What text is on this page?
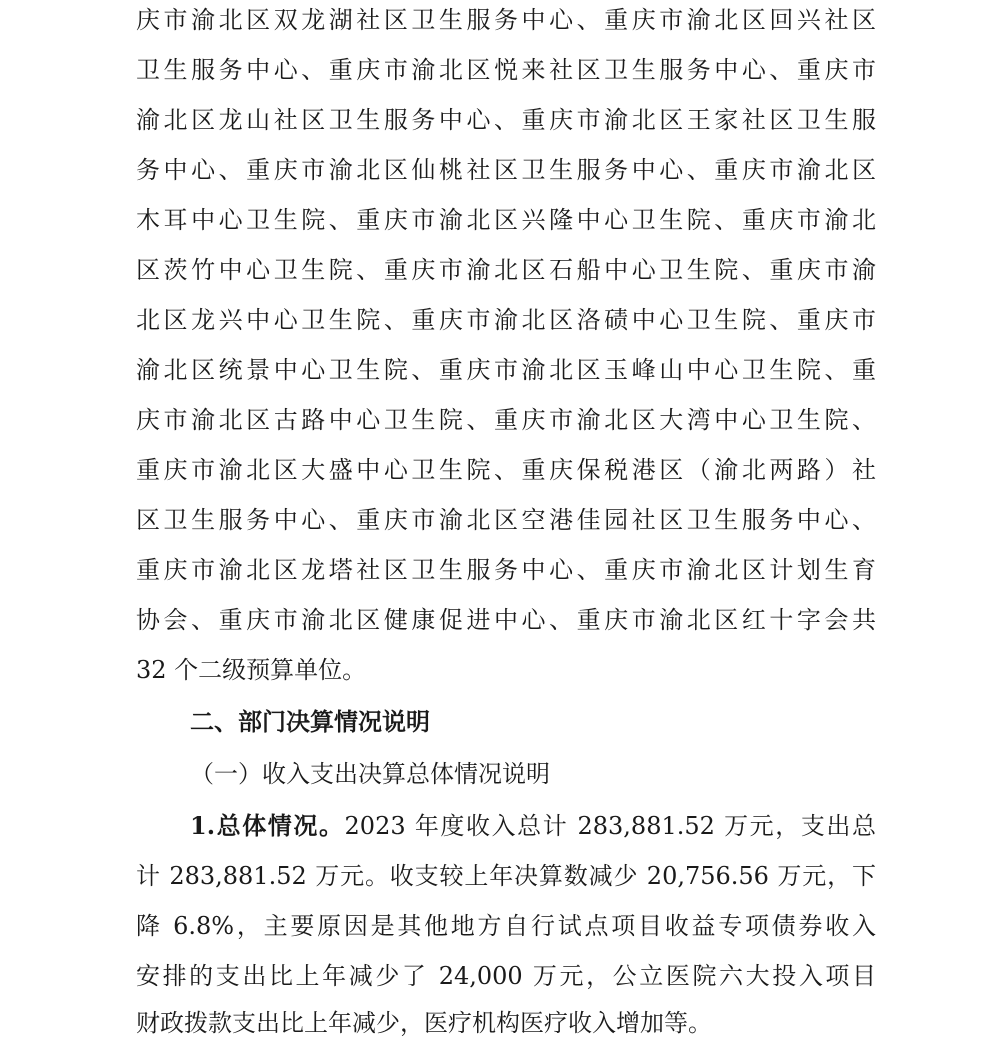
庆市渝北区双龙湖社区卫生服务中心、重庆市渝北区回兴社区
卫生服务中心、重庆市渝北区悦来社区卫生服务中心、重庆市
渝北区龙山社区卫生服务中心、重庆市渝北区王家社区卫生服
务中心、重庆市渝北区仙桃社区卫生服务中心、重庆市渝北区
木耳中心卫生院、重庆市渝北区兴隆中心卫生院、重庆市渝北
区茨竹中心卫生院、重庆市渝北区石船中心卫生院、重庆市渝
北区龙兴中心卫生院、重庆市渝北区洛碛中心卫生院、重庆市
渝北区统景中心卫生院、重庆市渝北区玉峰山中心卫生院、重
庆市渝北区古路中心卫生院、重庆市渝北区大湾中心卫生院、
重庆市渝北区大盛中心卫生院、重庆保税港区（渝北两路）社
区卫生服务中心、重庆市渝北区空港佳园社区卫生服务中心、
重庆市渝北区龙塔社区卫生服务中心、重庆市渝北区计划生育
协会、重庆市渝北区健康促进中心、重庆市渝北区红十字会共
32 个二级预算单位。
二、部门决算情况说明
（一）收入支出决算总体情况说明
1.总体情况。2023 年度收入总计 283,881.52 万元，支出总
计 283,881.52 万元。收支较上年决算数减少 20,756.56 万元，下
降 6.8%，主要原因是其他地方自行试点项目收益专项债券收入
安排的支出比上年减少了 24,000 万元，公立医院六大投入项目
财政拨款支出比上年减少，医疗机构医疗收入增加等。
